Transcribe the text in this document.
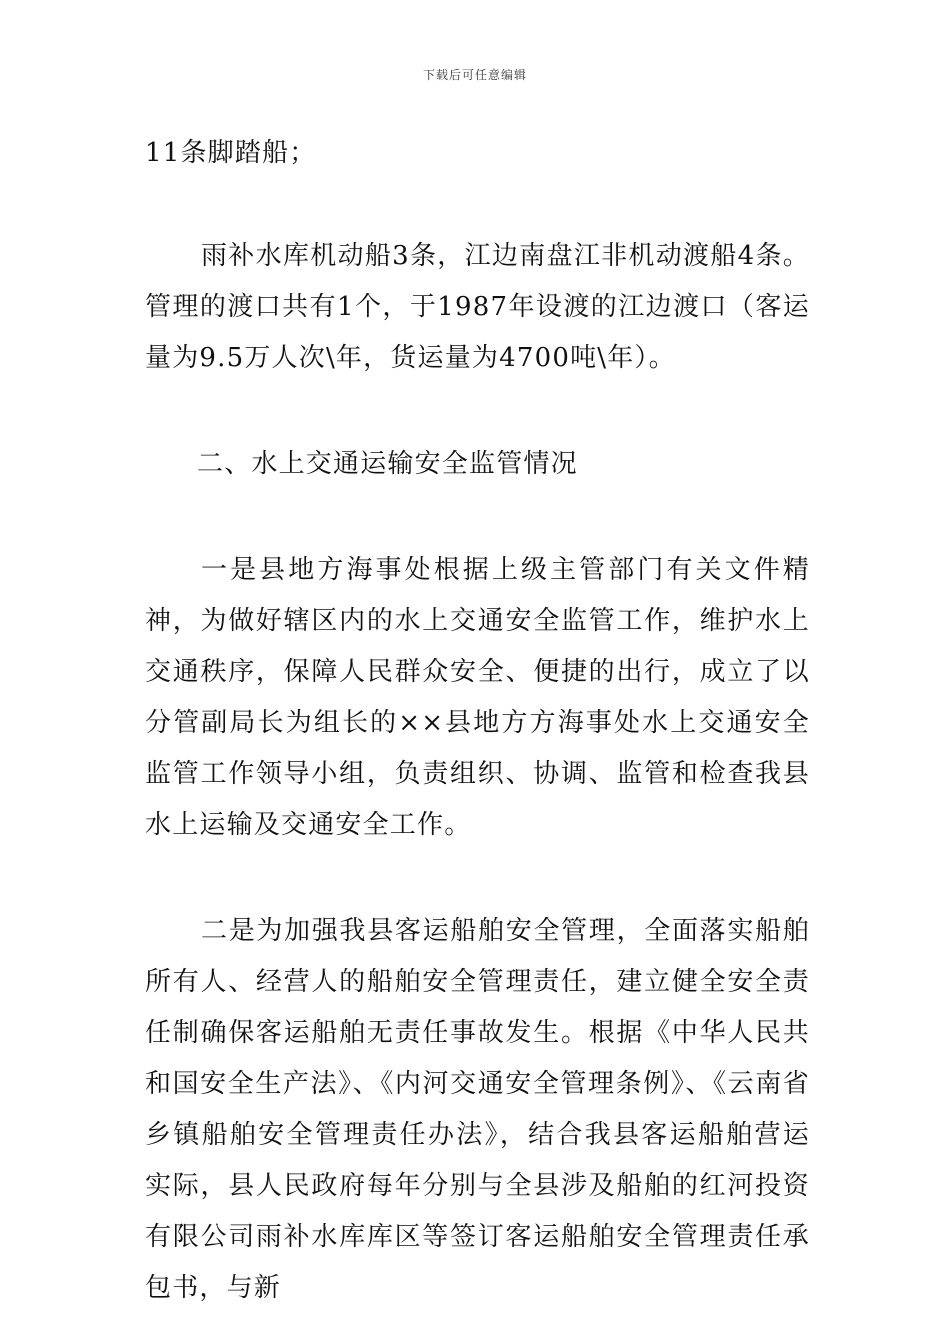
下载后可任意编辑

11条脚踏船；

雨补水库机动船3条，江边南盘江非机动渡船4条。管理的渡口共有1个，于1987年设渡的江边渡口（客运量为9.5万人次\年，货运量为4700吨\年）。

二、水上交通运输安全监管情况

一是县地方海事处根据上级主管部门有关文件精神，为做好辖区内的水上交通安全监管工作，维护水上交通秩序，保障人民群众安全、便捷的出行，成立了以分管副局长为组长的××县地方方海事处水上交通安全监管工作领导小组，负责组织、协调、监管和检查我县水上运输及交通安全工作。

二是为加强我县客运船舶安全管理，全面落实船舶所有人、经营人的船舶安全管理责任，建立健全安全责任制确保客运船舶无责任事故发生。根据《中华人民共和国安全生产法》、《内河交通安全管理条例》、《云南省乡镇船舶安全管理责任办法》，结合我县客运船舶营运实际，县人民政府每年分别与全县涉及船舶的红河投资有限公司雨补水库库区等签订客运船舶安全管理责任承包书，与新
